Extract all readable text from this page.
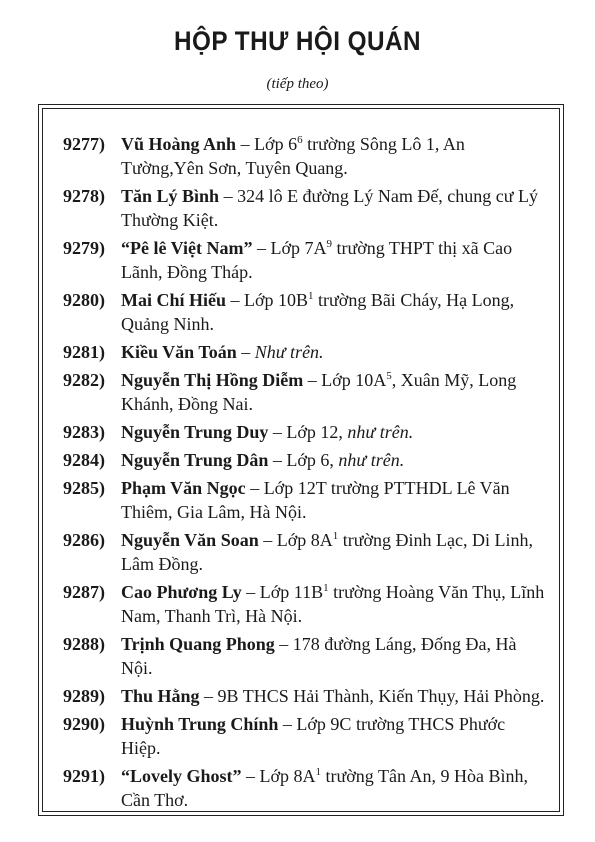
HỘP THƯ HỘI QUÁN
(tiếp theo)
9277) Vũ Hoàng Anh – Lớp $6^6$ trường Sông Lô 1, An Tường,Yên Sơn, Tuyên Quang.
9278) Tăn Lý Bình – 324 lô E đường Lý Nam Đế, chung cư Lý Thường Kiệt.
9279) “Pê lê Việt Nam” – Lớp $7A^9$ trường THPT thị xã Cao Lãnh, Đồng Tháp.
9280) Mai Chí Hiếu – Lớp $10B^1$ trường Bãi Cháy, Hạ Long, Quảng Ninh.
9281) Kiều Văn Toán – Như trên.
9282) Nguyễn Thị Hồng Diễm – Lớp $10A^5$, Xuân Mỹ, Long Khánh, Đồng Nai.
9283) Nguyễn Trung Duy – Lớp 12, như trên.
9284) Nguyễn Trung Dân – Lớp 6, như trên.
9285) Phạm Văn Ngọc – Lớp 12T trường PTTHDL Lê Văn Thiêm, Gia Lâm, Hà Nội.
9286) Nguyễn Văn Soan – Lớp $8A^1$ trường Đinh Lạc, Di Linh, Lâm Đồng.
9287) Cao Phương Ly – Lớp $11B^1$ trường Hoàng Văn Thụ, Lĩnh Nam, Thanh Trì, Hà Nội.
9288) Trịnh Quang Phong – 178 đường Láng, Đống Đa, Hà Nội.
9289) Thu Hằng – 9B THCS Hải Thành, Kiến Thụy, Hải Phòng.
9290) Huỳnh Trung Chính – Lớp 9C trường THCS Phước Hiệp.
9291) “Lovely Ghost” – Lớp $8A^1$ trường Tân An, 9 Hòa Bình, Cần Thơ.
